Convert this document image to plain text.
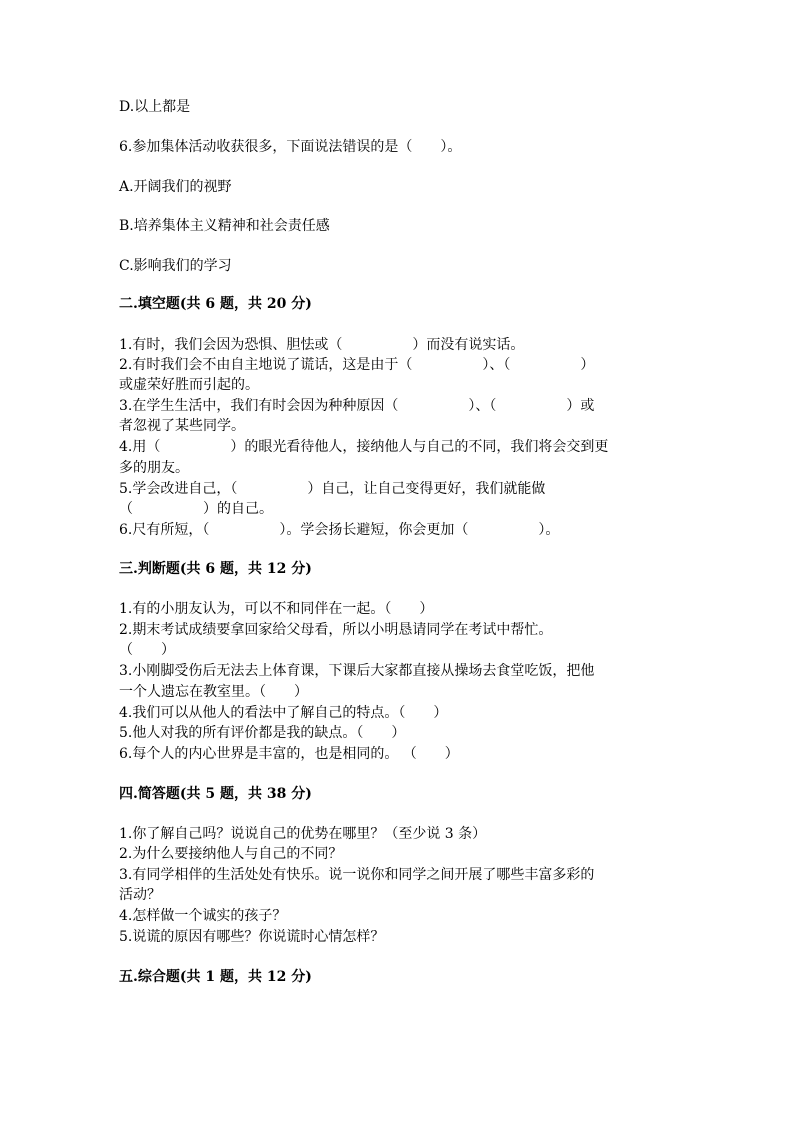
D.以上都是
6.参加集体活动收获很多，下面说法错误的是（　　）。
A.开阔我们的视野
B.培养集体主义精神和社会责任感
C.影响我们的学习
二.填空题(共 6 题，共 20 分)
1.有时，我们会因为恐惧、胆怯或（　　　　　）而没有说实话。
2.有时我们会不由自主地说了谎话，这是由于（　　　　　）、（　　　　　）
或虚荣好胜而引起的。
3.在学生生活中，我们有时会因为种种原因（　　　　　）、（　　　　　）或
者忽视了某些同学。
4.用（　　　　　）的眼光看待他人，接纳他人与自己的不同，我们将会交到更
多的朋友。
5.学会改进自己，（　　　　　）自己，让自己变得更好，我们就能做
（　　　　　）的自己。
6.尺有所短，（　　　　　）。学会扬长避短，你会更加（　　　　　）。
三.判断题(共 6 题，共 12 分)
1.有的小朋友认为，可以不和同伴在一起。（　　）
2.期末考试成绩要拿回家给父母看，所以小明恳请同学在考试中帮忙。
（　　）
3.小刚脚受伤后无法去上体育课，下课后大家都直接从操场去食堂吃饭，把他
一个人遗忘在教室里。（　　）
4.我们可以从他人的看法中了解自己的特点。（　　）
5.他人对我的所有评价都是我的缺点。（　　）
6.每个人的内心世界是丰富的，也是相同的。 （　　）
四.简答题(共 5 题，共 38 分)
1.你了解自己吗？说说自己的优势在哪里？（至少说 3 条）
2.为什么要接纳他人与自己的不同？
3.有同学相伴的生活处处有快乐。说一说你和同学之间开展了哪些丰富多彩的
活动？
4.怎样做一个诚实的孩子？
5.说谎的原因有哪些？你说谎时心情怎样？
五.综合题(共 1 题，共 12 分)
